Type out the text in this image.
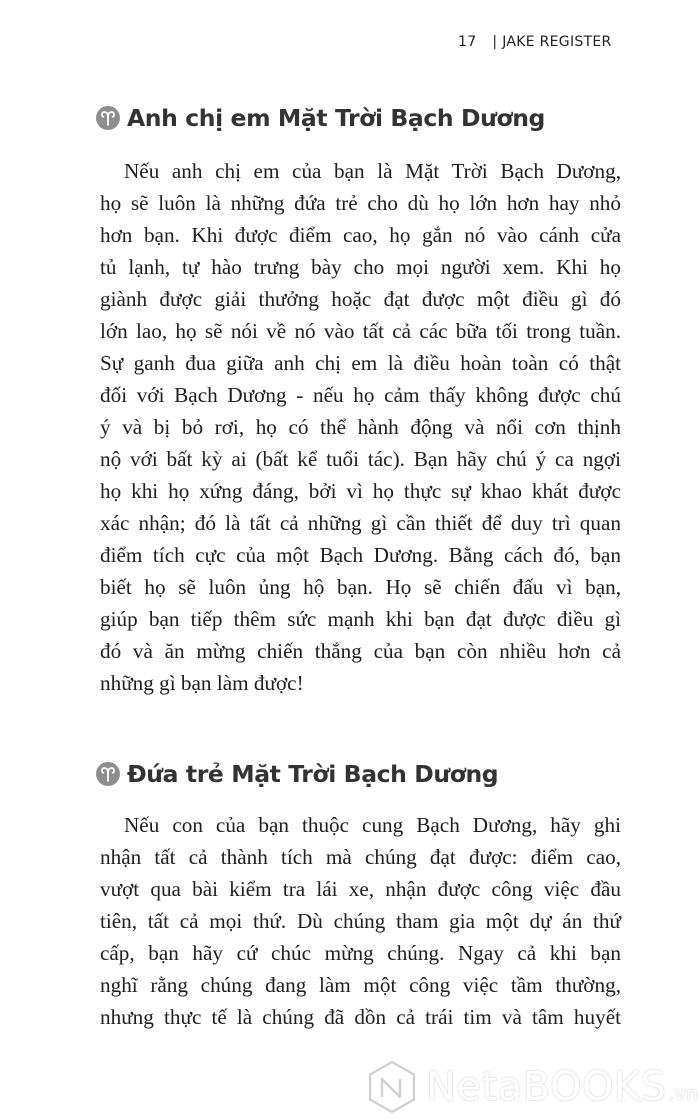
17 | JAKE REGISTER
Anh chị em Mặt Trời Bạch Dương
Nếu anh chị em của bạn là Mặt Trời Bạch Dương,
họ sẽ luôn là những đứa trẻ cho dù họ lớn hơn hay nhỏ
hơn bạn. Khi được điểm cao, họ gắn nó vào cánh cửa
tủ lạnh, tự hào trưng bày cho mọi người xem. Khi họ
giành được giải thưởng hoặc đạt được một điều gì đó
lớn lao, họ sẽ nói về nó vào tất cả các bữa tối trong tuần.
Sự ganh đua giữa anh chị em là điều hoàn toàn có thật
đối với Bạch Dương - nếu họ cảm thấy không được chú
ý và bị bỏ rơi, họ có thể hành động và nổi cơn thịnh
nộ với bất kỳ ai (bất kể tuổi tác). Bạn hãy chú ý ca ngợi
họ khi họ xứng đáng, bởi vì họ thực sự khao khát được
xác nhận; đó là tất cả những gì cần thiết để duy trì quan
điểm tích cực của một Bạch Dương. Bằng cách đó, bạn
biết họ sẽ luôn ủng hộ bạn. Họ sẽ chiến đấu vì bạn,
giúp bạn tiếp thêm sức mạnh khi bạn đạt được điều gì
đó và ăn mừng chiến thắng của bạn còn nhiều hơn cả
những gì bạn làm được!
Đứa trẻ Mặt Trời Bạch Dương
Nếu con của bạn thuộc cung Bạch Dương, hãy ghi
nhận tất cả thành tích mà chúng đạt được: điểm cao,
vượt qua bài kiểm tra lái xe, nhận được công việc đầu
tiên, tất cả mọi thứ. Dù chúng tham gia một dự án thứ
cấp, bạn hãy cứ chúc mừng chúng. Ngay cả khi bạn
nghĩ rằng chúng đang làm một công việc tầm thường,
nhưng thực tế là chúng đã dồn cả trái tim và tâm huyết
NetaBOOKS .vn
